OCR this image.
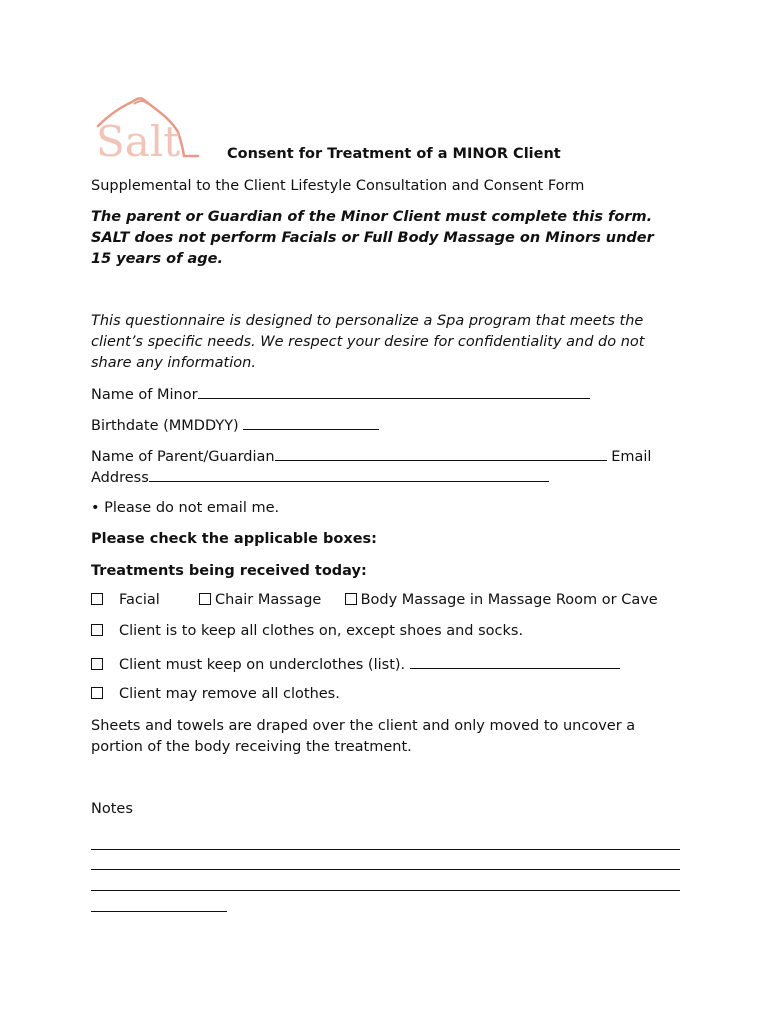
Salt	Consent for Treatment of a MINOR Client
Supplemental to the Client Lifestyle Consultation and Consent Form
The parent or Guardian of the Minor Client must complete this form.
SALT does not perform Facials or Full Body Massage on Minors under
15 years of age.
This questionnaire is designed to personalize a Spa program that meets the
client’s specific needs. We respect your desire for confidentiality and do not
share any information.
Name of Minor
Birthdate (MMDDYY)
Name of Parent/Guardian	Email
Address
• Please do not email me.
Please check the applicable boxes:
Treatments being received today:
Facial	Chair Massage	Body Massage in Massage Room or Cave
Client is to keep all clothes on, except shoes and socks.
Client must keep on underclothes (list).
Client may remove all clothes.
Sheets and towels are draped over the client and only moved to uncover a
portion of the body receiving the treatment.
Notes
